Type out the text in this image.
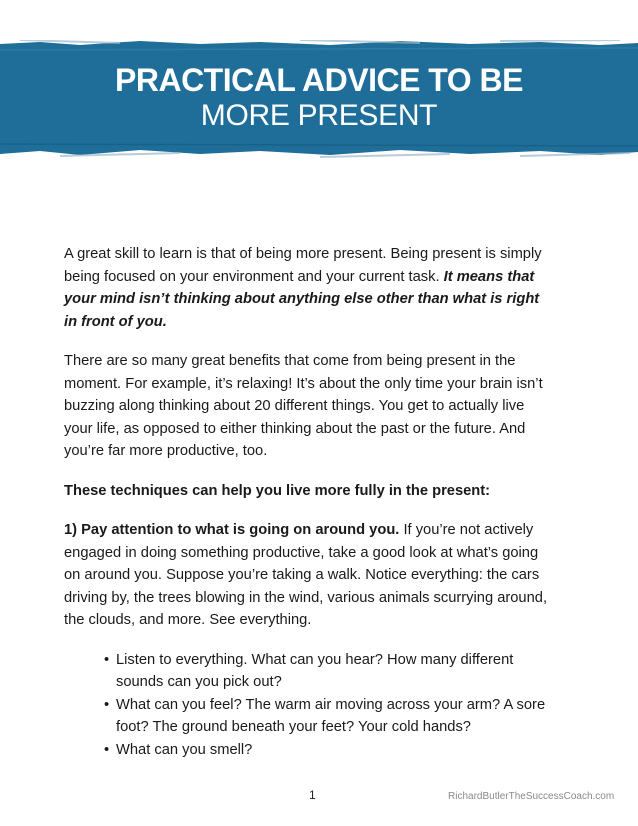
PRACTICAL ADVICE TO BE
MORE PRESENT

A great skill to learn is that of being more present. Being present is simply being focused on your environment and your current task. It means that your mind isn’t thinking about anything else other than what is right in front of you.

There are so many great benefits that come from being present in the moment. For example, it’s relaxing! It’s about the only time your brain isn’t buzzing along thinking about 20 different things. You get to actually live your life, as opposed to either thinking about the past or the future. And you’re far more productive, too.

These techniques can help you live more fully in the present:

1) Pay attention to what is going on around you. If you’re not actively engaged in doing something productive, take a good look at what’s going on around you. Suppose you’re taking a walk. Notice everything: the cars driving by, the trees blowing in the wind, various animals scurrying around, the clouds, and more. See everything.

• Listen to everything. What can you hear? How many different sounds can you pick out?
• What can you feel? The warm air moving across your arm? A sore foot? The ground beneath your feet? Your cold hands?
• What can you smell?
1	RichardButlerTheSuccessCoach.com
